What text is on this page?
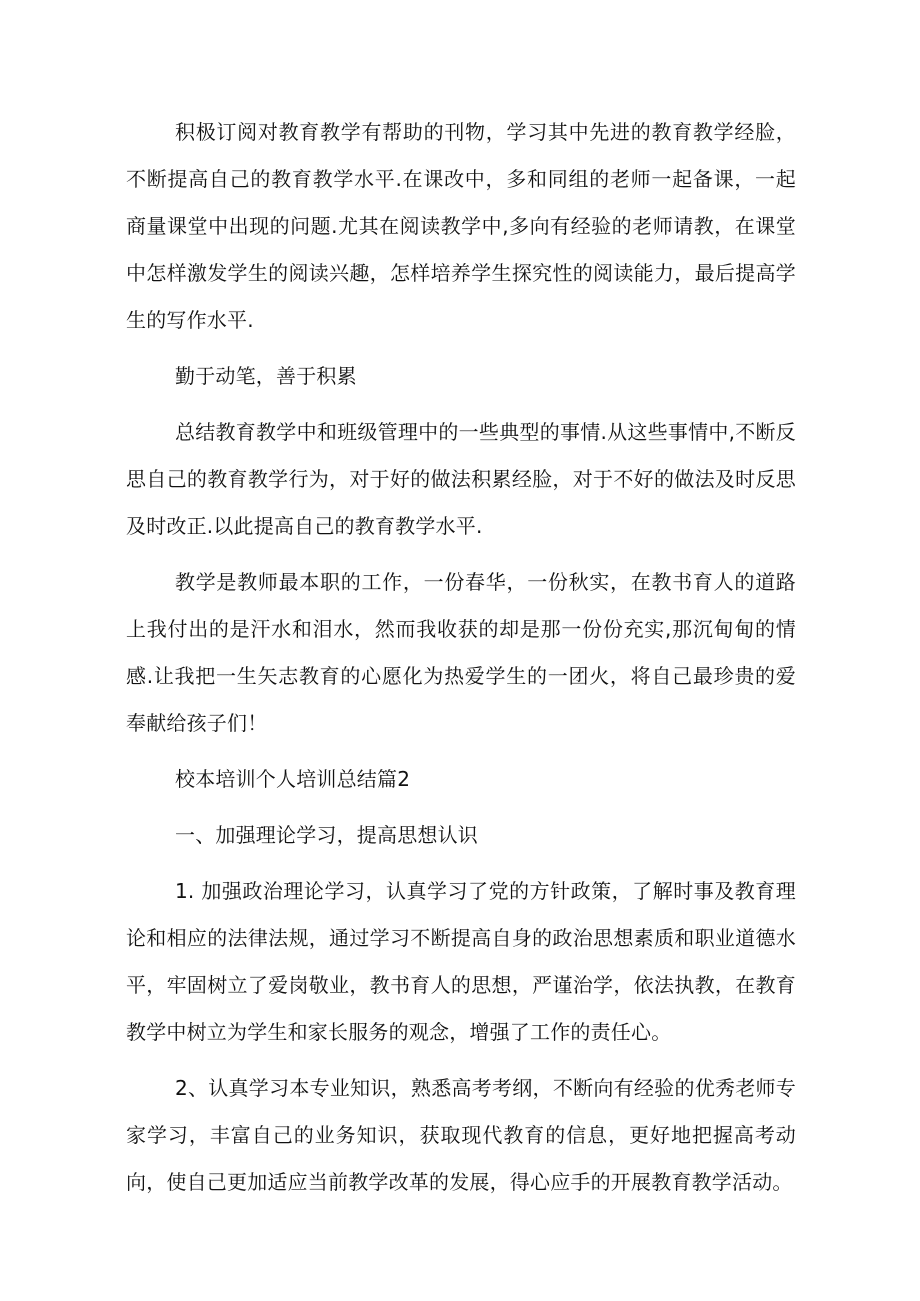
积极订阅对教育教学有帮助的刊物，学习其中先进的教育教学经脸，不断提高自己的教育教学水平.在课改中，多和同组的老师一起备课，一起商量课堂中出现的问题.尤其在阅读教学中,多向有经验的老师请教，在课堂中怎样激发学生的阅读兴趣，怎样培养学生探究性的阅读能力，最后提高学生的写作水平.

勤于动笔，善于积累

总结教育教学中和班级管理中的一些典型的事情.从这些事情中,不断反思自己的教育教学行为，对于好的做法积累经脸，对于不好的做法及时反思及时改正.以此提高自己的教育教学水平.

教学是教师最本职的工作，一份春华，一份秋实，在教书育人的道路上我付出的是汗水和泪水，然而我收获的却是那一份份充实,那沉甸甸的情感.让我把一生矢志教育的心愿化为热爱学生的一团火，将自己最珍贵的爱奉献给孩子们！

校本培训个人培训总结篇2

一、加强理论学习，提高思想认识

1. 加强政治理论学习，认真学习了党的方针政策，了解时事及教育理论和相应的法律法规，通过学习不断提高自身的政治思想素质和职业道德水平，牢固树立了爱岗敬业，教书育人的思想，严谨治学，依法执教，在教育教学中树立为学生和家长服务的观念，增强了工作的责任心。

2、认真学习本专业知识，熟悉高考考纲，不断向有经验的优秀老师专家学习，丰富自己的业务知识，获取现代教育的信息，更好地把握高考动向，使自己更加适应当前教学改革的发展，得心应手的开展教育教学活动。
